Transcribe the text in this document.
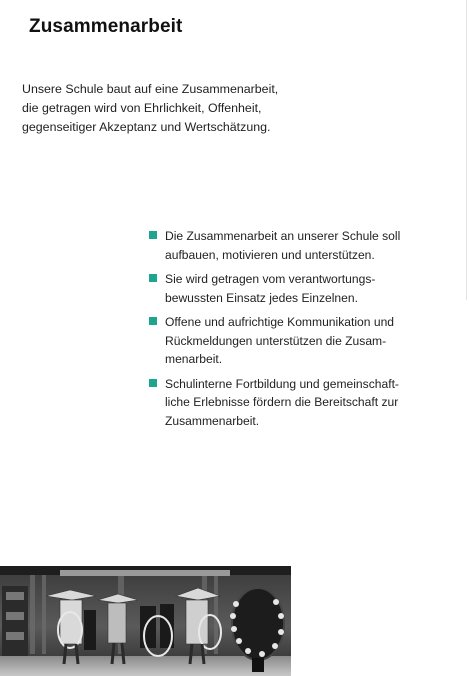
Zusammenarbeit
Unsere Schule baut auf eine Zusammenarbeit,
die getragen wird von Ehrlichkeit, Offenheit,
gegenseitiger Akzeptanz und Wertschätzung.
Die Zusammenarbeit an unserer Schule soll
aufbauen, motivieren und unterstützen.
Sie wird getragen vom verantwortungs-
bewussten Einsatz jedes Einzelnen.
Offene und aufrichtige Kommunikation und
Rückmeldungen unterstützen die Zusam-
menarbeit.
Schulinterne Fortbildung und gemeinschaft-
liche Erlebnisse fördern die Bereitschaft zur
Zusammenarbeit.
